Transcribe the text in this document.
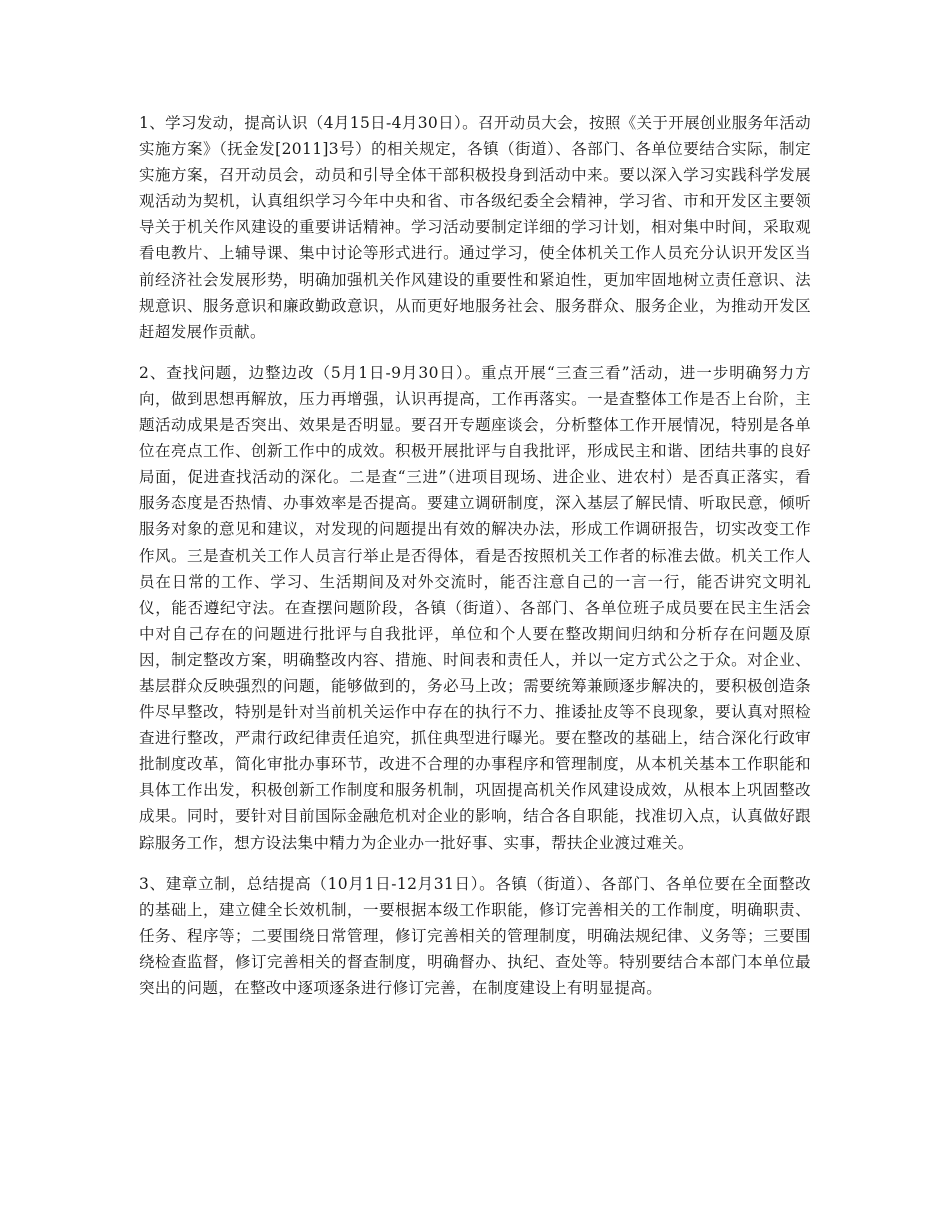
1、学习发动，提高认识（4月15日-4月30日）。召开动员大会，按照《关于开展创业服务年活动实施方案》（抚金发[2011]3号）的相关规定，各镇（街道）、各部门、各单位要结合实际，制定实施方案，召开动员会，动员和引导全体干部积极投身到活动中来。要以深入学习实践科学发展观活动为契机，认真组织学习今年中央和省、市各级纪委全会精神，学习省、市和开发区主要领导关于机关作风建设的重要讲话精神。学习活动要制定详细的学习计划，相对集中时间，采取观看电教片、上辅导课、集中讨论等形式进行。通过学习，使全体机关工作人员充分认识开发区当前经济社会发展形势，明确加强机关作风建设的重要性和紧迫性，更加牢固地树立责任意识、法规意识、服务意识和廉政勤政意识，从而更好地服务社会、服务群众、服务企业，为推动开发区赶超发展作贡献。

2、查找问题，边整边改（5月1日-9月30日）。重点开展“三查三看”活动，进一步明确努力方向，做到思想再解放，压力再增强，认识再提高，工作再落实。一是查整体工作是否上台阶，主题活动成果是否突出、效果是否明显。要召开专题座谈会，分析整体工作开展情况，特别是各单位在亮点工作、创新工作中的成效。积极开展批评与自我批评，形成民主和谐、团结共事的良好局面，促进查找活动的深化。二是查“三进”（进项目现场、进企业、进农村）是否真正落实，看服务态度是否热情、办事效率是否提高。要建立调研制度，深入基层了解民情、听取民意，倾听服务对象的意见和建议，对发现的问题提出有效的解决办法，形成工作调研报告，切实改变工作作风。三是查机关工作人员言行举止是否得体，看是否按照机关工作者的标准去做。机关工作人员在日常的工作、学习、生活期间及对外交流时，能否注意自己的一言一行，能否讲究文明礼仪，能否遵纪守法。在查摆问题阶段，各镇（街道）、各部门、各单位班子成员要在民主生活会中对自己存在的问题进行批评与自我批评，单位和个人要在整改期间归纳和分析存在问题及原因，制定整改方案，明确整改内容、措施、时间表和责任人，并以一定方式公之于众。对企业、基层群众反映强烈的问题，能够做到的，务必马上改；需要统筹兼顾逐步解决的，要积极创造条件尽早整改，特别是针对当前机关运作中存在的执行不力、推诿扯皮等不良现象，要认真对照检查进行整改，严肃行政纪律责任追究，抓住典型进行曝光。要在整改的基础上，结合深化行政审批制度改革，简化审批办事环节，改进不合理的办事程序和管理制度，从本机关基本工作职能和具体工作出发，积极创新工作制度和服务机制，巩固提高机关作风建设成效，从根本上巩固整改成果。同时，要针对目前国际金融危机对企业的影响，结合各自职能，找准切入点，认真做好跟踪服务工作，想方设法集中精力为企业办一批好事、实事，帮扶企业渡过难关。

3、建章立制，总结提高（10月1日-12月31日）。各镇（街道）、各部门、各单位要在全面整改的基础上，建立健全长效机制，一要根据本级工作职能，修订完善相关的工作制度，明确职责、任务、程序等；二要围绕日常管理，修订完善相关的管理制度，明确法规纪律、义务等；三要围绕检查监督，修订完善相关的督查制度，明确督办、执纪、查处等。特别要结合本部门本单位最突出的问题，在整改中逐项逐条进行修订完善，在制度建设上有明显提高。
